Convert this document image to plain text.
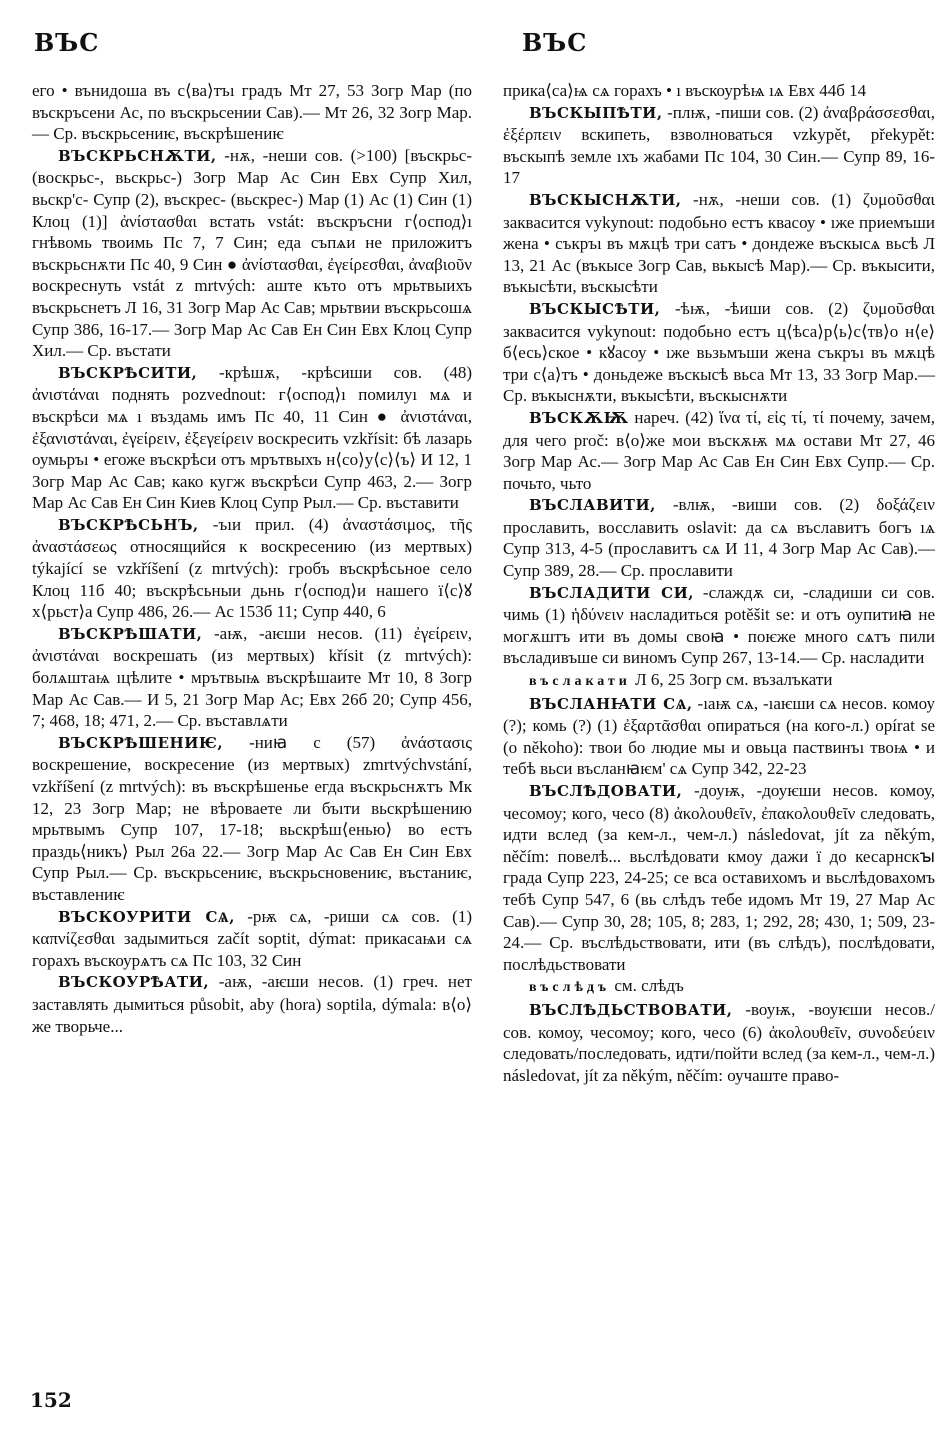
ВЪС	ВЪС

его • вънидоша въ с⟨ва⟩тъı градъ Мт 27, 53 Зогр Мар (по въскръсени Ас, по въскрьсении Сав).— Мт 26, 32 Зогр Мар.— Ср. въскрьсениѥ, въскрѣшениѥ

ВЪСКРЬСНѪТИ, -нѫ, -неши сов. (>100) [въскрьс- (воскрьс-, вьскрьс-) Зогр Мар Ас Син Евх Супр Хил, вьскр'с- Супр (2), въскрес- (вьскрес-) Мар (1) Ас (1) Син (1) Клоц (1)] ἀνίστασθαι встать vstát: въскръсни г⟨оспод⟩ı гнѣвомь твоимь Пс 7, 7 Син; еда съпѧи не приложитъ въскрьснѫти Пс 40, 9 Син ● ἀνίστασθαι, ἐγείρεσθαι, ἀναβιοῦν воскреснуть vstát z mrtvých: аште къто отъ мрьтвыихъ въскрьснетъ Л 16, 31 Зогр Мар Ас Сав; мрьтвии въскрьсошѧ Супр 386, 16-17.— Зогр Мар Ас Сав Ен Син Евх Клоц Супр Хил.— Ср. въстати

ВЪСКРѢСИТИ, -крѣшѫ, -крѣсиши сов. (48) ἀνιστάναι поднять pozvednout: г⟨оспод⟩ı помилуı мѧ и въскрѣси мѧ ı въздамь имъ Пс 40, 11 Син ● ἀνιστάναι, ἐξανιστάναι, ἐγείρειν, ἐξεγείρειν воскресить vzkřísit: бѣ лазарь оумьръı • егоже въскрѣси отъ мрътвыхъ н⟨со⟩у⟨с⟩⟨ъ⟩ И 12, 1 Зогр Мар Ас Сав; како кугж въскрѣси Супр 463, 2.— Зогр Мар Ас Сав Ен Син Киев Клоц Супр Рыл.— Ср. въставити

ВЪСКРѢСЬНЪ, -ъıи прил. (4) ἀναστάσιμος, τῆς ἀναστάσεως относящийся к воскресению (из мертвых) týkající se vzkříšení (z mrtvých): гробъ въскрѣсьное село Клоц 11б 40; въскрѣсьныи дьнь г⟨оспод⟩и нашего ї⟨с⟩ꙋ х⟨рьст⟩а Супр 486, 26.— Ас 153б 11; Супр 440, 6

ВЪСКРѢШАТИ, -аѭ, -аѥши несов. (11) ἐγείρειν, ἀνιστάναι воскрешать (из мертвых) křísit (z mrtvých): болѧштаѩ ıцѣлите • мрътвыѩ въскрѣшаите Мт 10, 8 Зогр Мар Ас Сав.— И 5, 21 Зогр Мар Ас; Евх 26б 20; Супр 456, 7; 468, 18; 471, 2.— Ср. въставлѧти

ВЪСКРѢШЕНИѤ, -ниꙗ с (57) ἀνάστασις воскрешение, воскресение (из мертвых) zmrtvýchvstání, vzkříšení (z mrtvých): въ въскрѣшенье егда въскрьснѫтъ Мк 12, 23 Зогр Мар; не вѣроваете ли бъıти вьскрѣшению мрьтвымъ Супр 107, 17-18; вьскрѣш⟨енью⟩ во естъ праздь⟨никъ⟩ Рыл 26а 22.— Зогр Мар Ас Сав Ен Син Евх Супр Рыл.— Ср. въскрьсениѥ, въскрьсновениѥ, въстаниѥ, въставлениѥ

ВЪСКОУРИТИ СѦ, -рѭ сѧ, -риши сѧ сов. (1) καπνίζεσθαι задымиться začít soptit, dýmat: прикасаѩи сѧ горахъ въскоурѧтъ сѧ Пс 103, 32 Син

ВЪСКОУРѢАТИ, -аѭ, -аѥши несов. (1) греч. нет заставлять дымиться působit, aby (hora) soptila, dýmala: в⟨о⟩же творьче...

прика⟨са⟩ѩ сѧ горахъ • ı въскоурѣѩ ıѧ Евх 44б 14

ВЪСКЫПѢТИ, -плѭ, -пиши сов. (2) ἀναβράσσεσθαι, ἐξέρπειν вскипеть, взволноваться vzkypět, překypět: въскыпѣ земле ıхъ жабами Пс 104, 30 Син.— Супр 89, 16-17

ВЪСКЫСНѪТИ, -нѫ, -неши сов. (1) ζυμοῦσθαι заквасится vykynout: подобьно естъ квасоу • ıже приемъши жена • съкръı въ мѫцѣ три сатъ • дондеже въскысѧ вьсѣ Л 13, 21 Ас (въкысе Зогр Сав, вькысѣ Мар).— Ср. въкысити, въкысѣти, въскысѣти

ВЪСКЫСѢТИ, -ѣѭ, -ѣиши сов. (2) ζυμοῦσθαι заквасится vykynout: подобьно естъ ц⟨ѣса⟩р⟨ь⟩с⟨тв⟩о н⟨е⟩б⟨есь⟩ское • кꙋасоу • ıже вьзьмъши жена съкръı въ мѫцѣ три с⟨а⟩тъ • доньдеже въскысѣ вьса Мт 13, 33 Зогр Мар.— Ср. въкыснѫти, въкысѣти, въскыснѫти

ВЪСКѪѬ нареч. (42) ἵνα τί, εἰς τί, τί почему, зачем, для чего proč: в⟨о⟩же мои въскѫѭ мѧ остави Мт 27, 46 Зогр Мар Ас.— Зогр Мар Ас Сав Ен Син Евх Супр.— Ср. почьто, чьто

ВЪСЛАВИТИ, -влѭ, -виши сов. (2) δοξάζειν прославить, восславить oslavit: да сѧ въславитъ богъ ıѧ Супр 313, 4-5 (прославитъ сѧ И 11, 4 Зогр Мар Ас Сав).— Супр 389, 28.— Ср. прославити

ВЪСЛАДИТИ СИ, -слаждѫ си, -сладиши си сов. чимь (1) ἡδύνειν насладиться potěšit se: и отъ оупитиꙗ не могѫштъ ити въ домы своꙗ • поѥже много сѧтъ пили въсладивъше си виномъ Супр 267, 13-14.— Ср. насладити

въслакати Л 6, 25 Зогр см. възалъкати

ВЪСЛАНꙖТИ СѦ, -ıаѭ сѧ, -ıаѥши сѧ несов. комоу (?); комь (?) (1) ἐξαρτᾶσθαι опираться (на кого-л.) opírat se (o někoho): твои бо людие мы и овьца паствинъı твоѩ • и тебѣ вьси въсланꙗѥм' сѧ Супр 342, 22-23

ВЪСЛѢДОВАТИ, -доуѭ, -доуѥши несов. комоу, чесомоу; кого, чесо (8) ἀκολουθεῖν, ἐπακολουθεῖν следовать, идти вслед (за кем-л., чем-л.) následovat, jít za někým, něčím: повелѣ... вьслѣдовати кмоу дажи ї до кесарнскꙑ града Супр 223, 24-25; се вса оставихомъ и вьслѣдовахомъ тебѣ Супр 547, 6 (вь слѣдъ тебе идомъ Мт 19, 27 Мар Ас Сав).— Супр 30, 28; 105, 8; 283, 1; 292, 28; 430, 1; 509, 23-24.— Ср. въслѣдьствовати, ити (въ слѣдъ), послѣдовати, послѣдьствовати

въслѣдъ см. слѣдъ

ВЪСЛѢДЬСТВОВАТИ, -воуѭ, -воуѥши несов./сов. комоу, чесомоу; кого, чесо (6) ἀκολουθεῖν, συνοδεύειν следовать/последовать, идти/пойти вслед (за кем-л., чем-л.) následovat, jít za někým, něčím: оучаште право-

152
